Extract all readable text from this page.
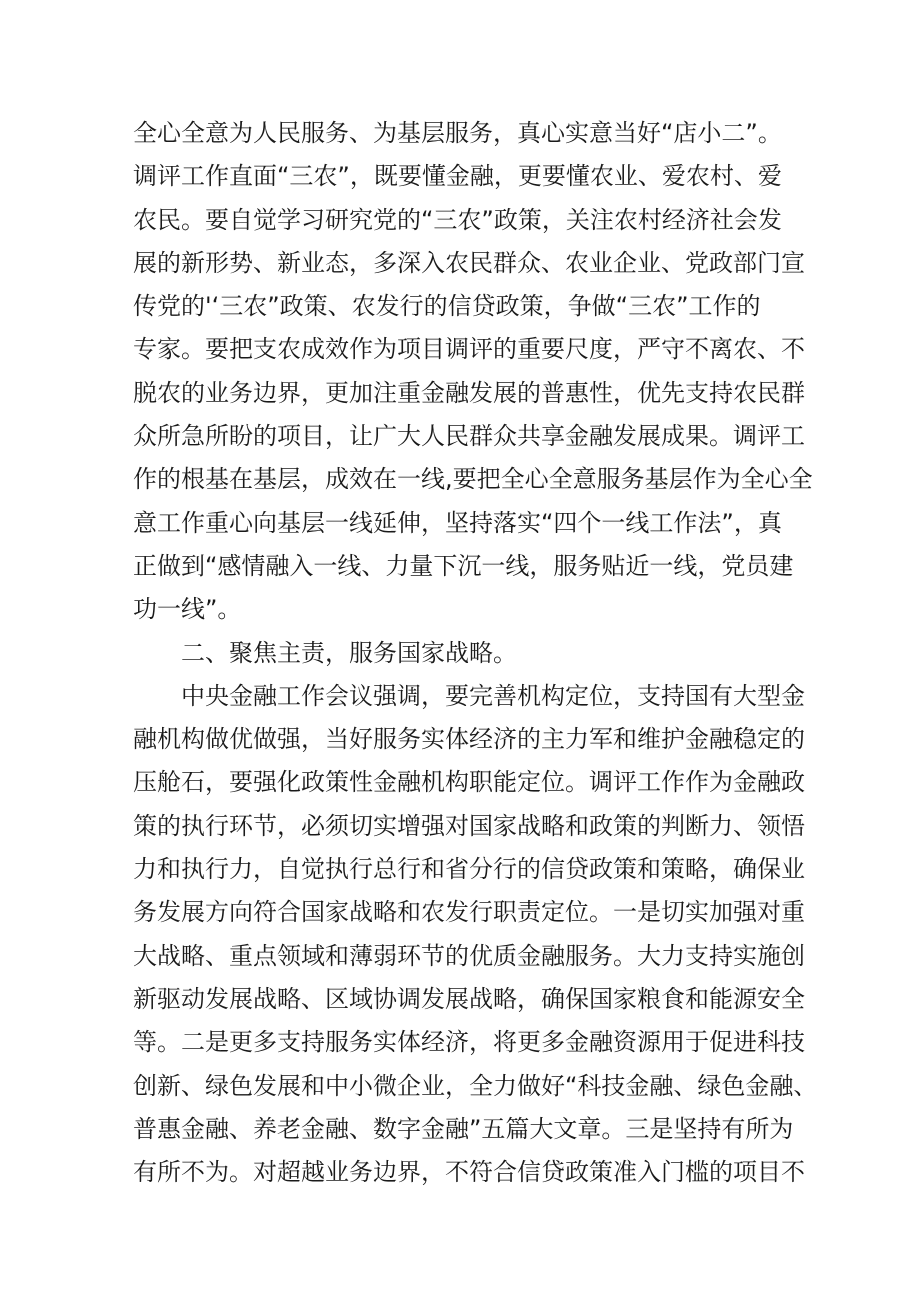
全心全意为人民服务、为基层服务，真心实意当好“店小二”。
调评工作直面“三农”，既要懂金融，更要懂农业、爱农村、爱
农民。要自觉学习研究党的“三农”政策，关注农村经济社会发
展的新形势、新业态，多深入农民群众、农业企业、党政部门宣
传党的'‘三农”政策、农发行的信贷政策，争做“三农”工作的
专家。要把支农成效作为项目调评的重要尺度，严守不离农、不
脱农的业务边界，更加注重金融发展的普惠性，优先支持农民群
众所急所盼的项目，让广大人民群众共享金融发展成果。调评工
作的根基在基层，成效在一线,要把全心全意服务基层作为全心全
意工作重心向基层一线延伸，坚持落实“四个一线工作法”，真
正做到“感情融入一线、力量下沉一线，服务贴近一线，党员建
功一线”。
二、聚焦主责，服务国家战略。
中央金融工作会议强调，要完善机构定位，支持国有大型金
融机构做优做强，当好服务实体经济的主力军和维护金融稳定的
压舱石，要强化政策性金融机构职能定位。调评工作作为金融政
策的执行环节，必须切实增强对国家战略和政策的判断力、领悟
力和执行力，自觉执行总行和省分行的信贷政策和策略，确保业
务发展方向符合国家战略和农发行职责定位。一是切实加强对重
大战略、重点领域和薄弱环节的优质金融服务。大力支持实施创
新驱动发展战略、区域协调发展战略，确保国家粮食和能源安全
等。二是更多支持服务实体经济，将更多金融资源用于促进科技
创新、绿色发展和中小微企业，全力做好“科技金融、绿色金融、
普惠金融、养老金融、数字金融”五篇大文章。三是坚持有所为
有所不为。对超越业务边界，不符合信贷政策准入门槛的项目不
